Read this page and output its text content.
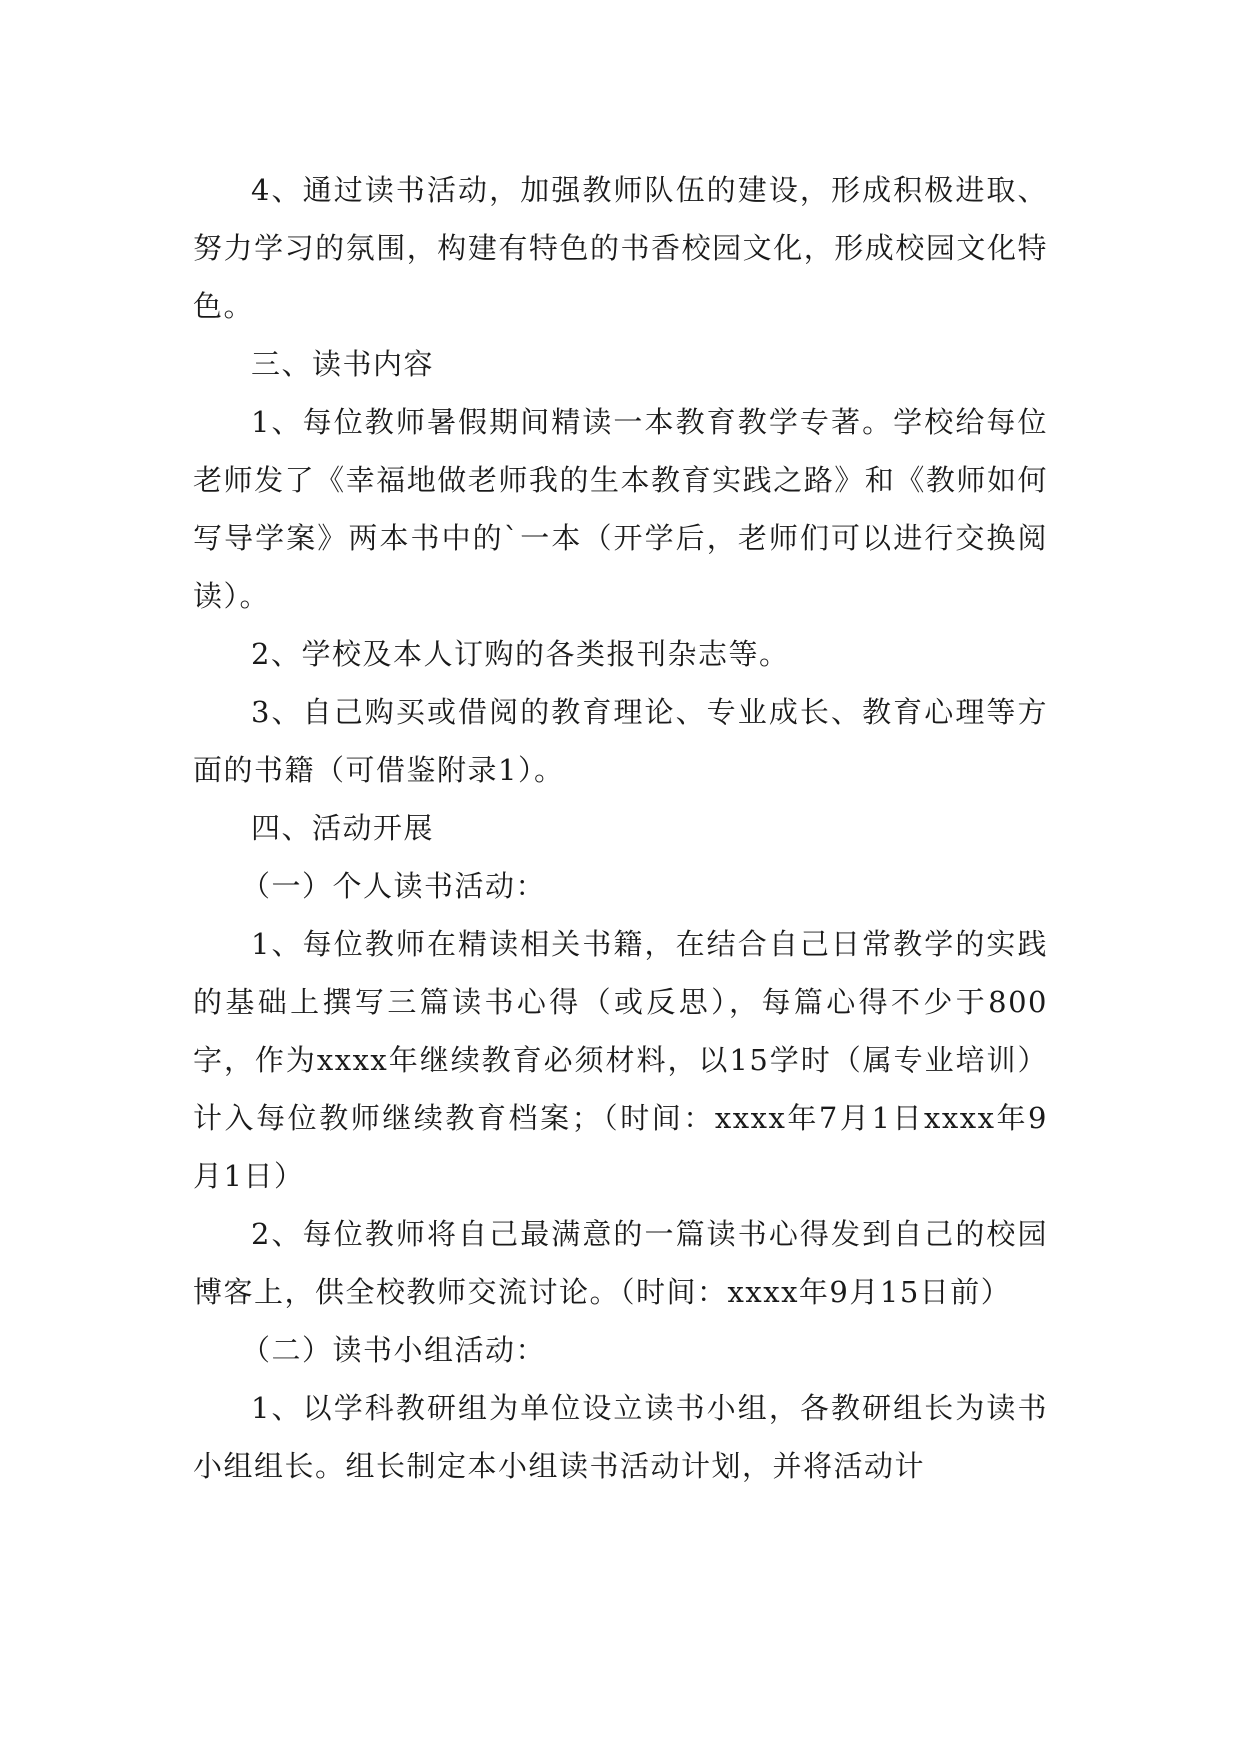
4、通过读书活动，加强教师队伍的建设，形成积极进取、努力学习的氛围，构建有特色的书香校园文化，形成校园文化特色。

三、读书内容

1、每位教师暑假期间精读一本教育教学专著。学校给每位老师发了《幸福地做老师我的生本教育实践之路》和《教师如何写导学案》两本书中的`一本（开学后，老师们可以进行交换阅读）。

2、学校及本人订购的各类报刊杂志等。

3、自己购买或借阅的教育理论、专业成长、教育心理等方面的书籍（可借鉴附录1）。

四、活动开展

（一）个人读书活动：

1、每位教师在精读相关书籍，在结合自己日常教学的实践的基础上撰写三篇读书心得（或反思），每篇心得不少于800字，作为xxxx年继续教育必须材料，以15学时（属专业培训）计入每位教师继续教育档案；（时间：xxxx年7月1日xxxx年9月1日）

2、每位教师将自己最满意的一篇读书心得发到自己的校园博客上，供全校教师交流讨论。（时间：xxxx年9月15日前）

（二）读书小组活动：

1、以学科教研组为单位设立读书小组，各教研组长为读书小组组长。组长制定本小组读书活动计划，并将活动计
